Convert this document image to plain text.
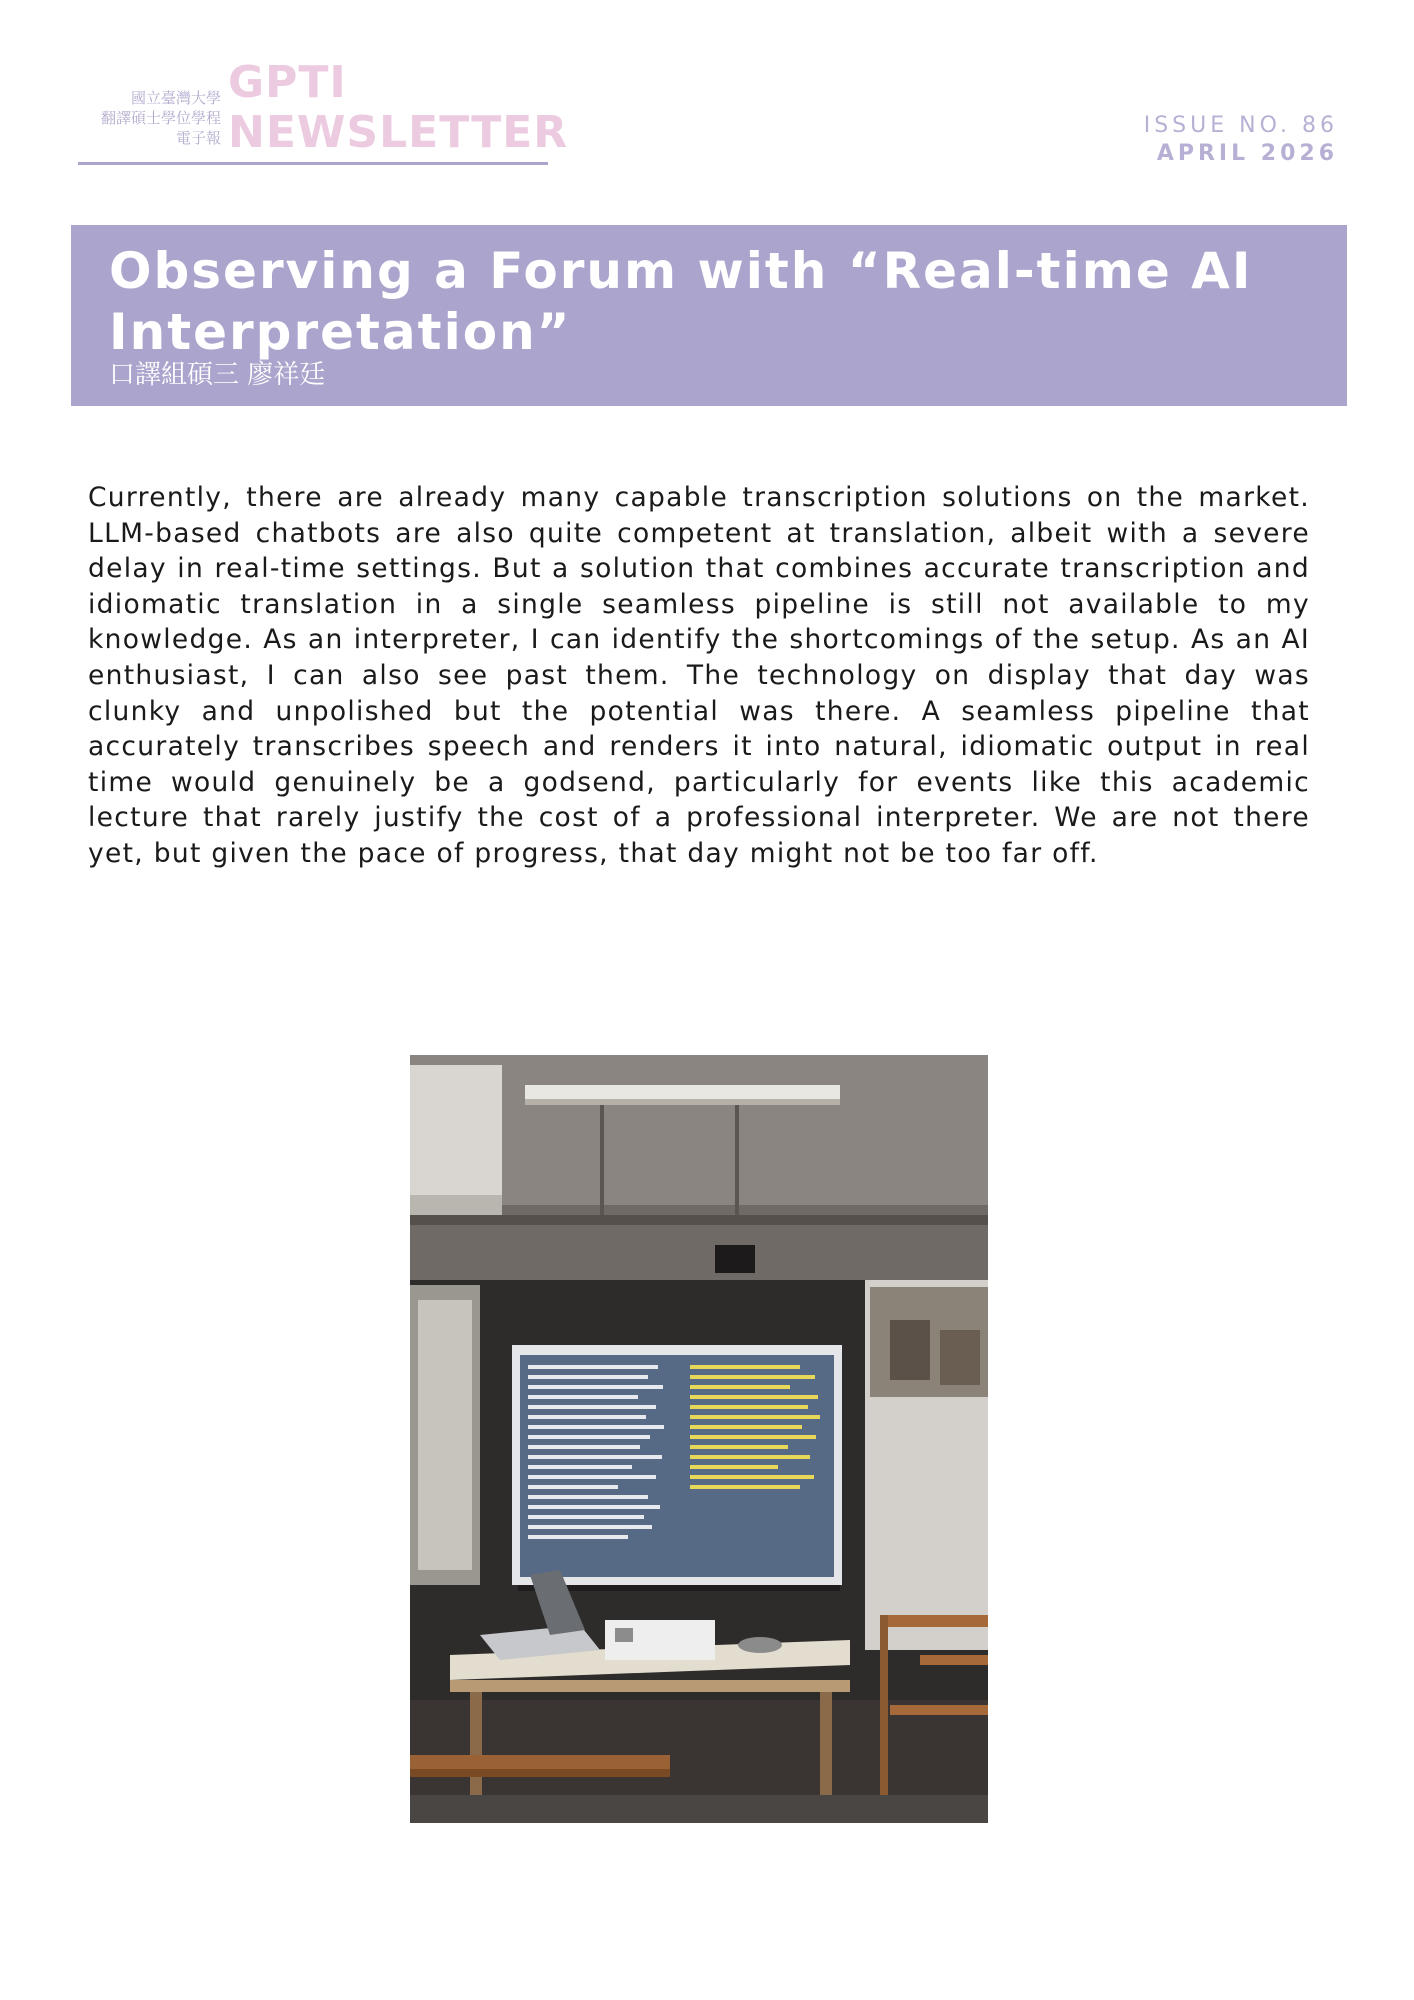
國立臺灣大學
翻譯碩士學位學程
電子報
GPTI
NEWSLETTER	ISSUE NO. 86
APRIL 2026
Observing a Forum with “Real-time AI Interpretation”
口譯組碩三 廖祥廷

Currently, there are already many capable transcription solutions on the market. LLM-based chatbots are also quite competent at translation, albeit with a severe delay in real-time settings. But a solution that combines accurate transcription and idiomatic translation in a single seamless pipeline is still not available to my knowledge. As an interpreter, I can identify the shortcomings of the setup. As an AI enthusiast, I can also see past them. The technology on display that day was clunky and unpolished but the potential was there. A seamless pipeline that accurately transcribes speech and renders it into natural, idiomatic output in real time would genuinely be a godsend, particularly for events like this academic lecture that rarely justify the cost of a professional interpreter. We are not there yet, but given the pace of progress, that day might not be too far off.
